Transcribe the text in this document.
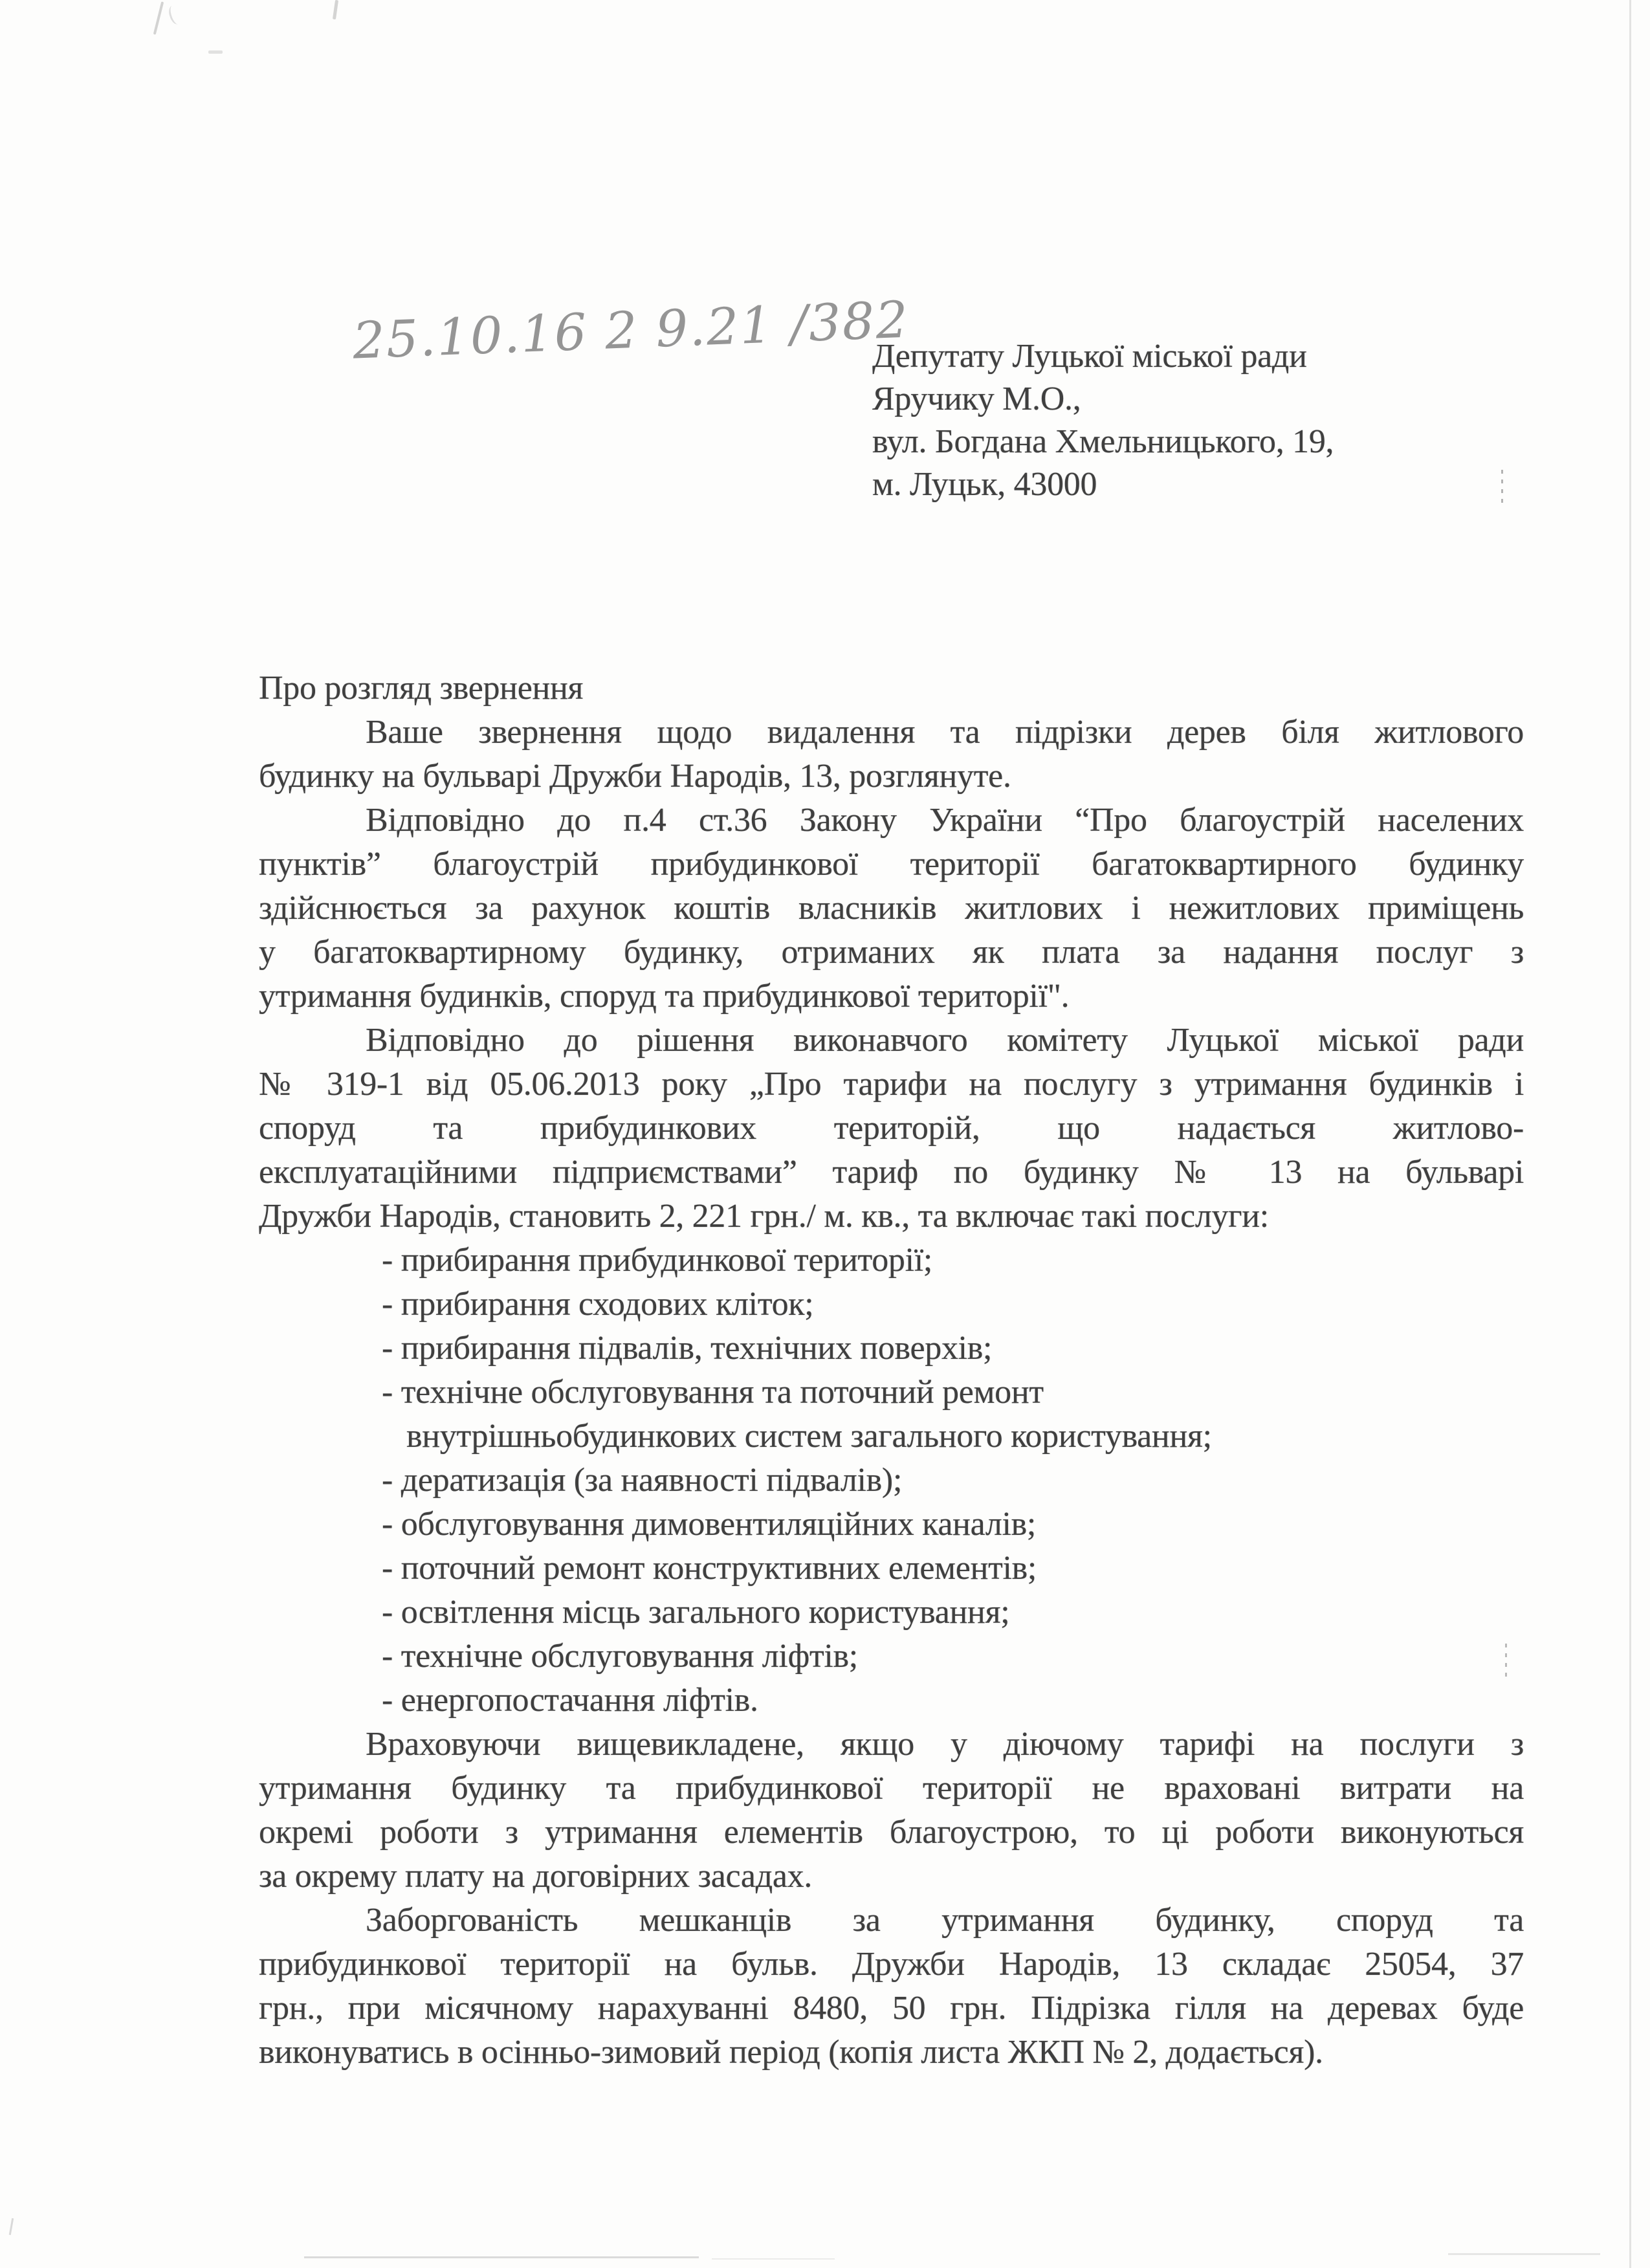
25.10.16 2 9.21 /382
Депутату Луцької міської ради
Яручику М.О.,
вул. Богдана Хмельницького, 19,
м. Луцьк, 43000
Про розгляд звернення
Ваше звернення щодо видалення та підрізки дерев біля житлового
будинку на бульварі Дружби Народів, 13, розглянуте.
Відповідно до п.4 ст.36 Закону України “Про благоустрій населених
пунктів” благоустрій прибудинкової території багатоквартирного будинку
здійснюється за рахунок коштів власників житлових і нежитлових приміщень
у багатоквартирному будинку, отриманих як плата за надання послуг з
утримання будинків, споруд та прибудинкової території".
Відповідно до рішення виконавчого комітету Луцької міської ради
№ 319-1 від 05.06.2013 року „Про тарифи на послугу з утримання будинків і
споруд та прибудинкових територій, що надається житлово-
експлуатаційними підприємствами” тариф по будинку № 13 на бульварі
Дружби Народів, становить 2, 221 грн./ м. кв., та включає такі послуги:
- прибирання прибудинкової території;
- прибирання сходових кліток;
- прибирання підвалів, технічних поверхів;
- технічне обслуговування та поточний ремонт
внутрішньобудинкових систем загального користування;
- дератизація (за наявності підвалів);
- обслуговування димовентиляційних каналів;
- поточний ремонт конструктивних елементів;
- освітлення місць загального користування;
- технічне обслуговування ліфтів;
- енергопостачання ліфтів.
Враховуючи вищевикладене, якщо у діючому тарифі на послуги з
утримання будинку та прибудинкової території не враховані витрати на
окремі роботи з утримання елементів благоустрою, то ці роботи виконуються
за окрему плату на договірних засадах.
Заборгованість мешканців за утримання будинку, споруд та
прибудинкової території на бульв. Дружби Народів, 13 складає 25054, 37
грн., при місячному нарахуванні 8480, 50 грн. Підрізка гілля на деревах буде
виконуватись в осінньо-зимовий період (копія листа ЖКП № 2, додається).
